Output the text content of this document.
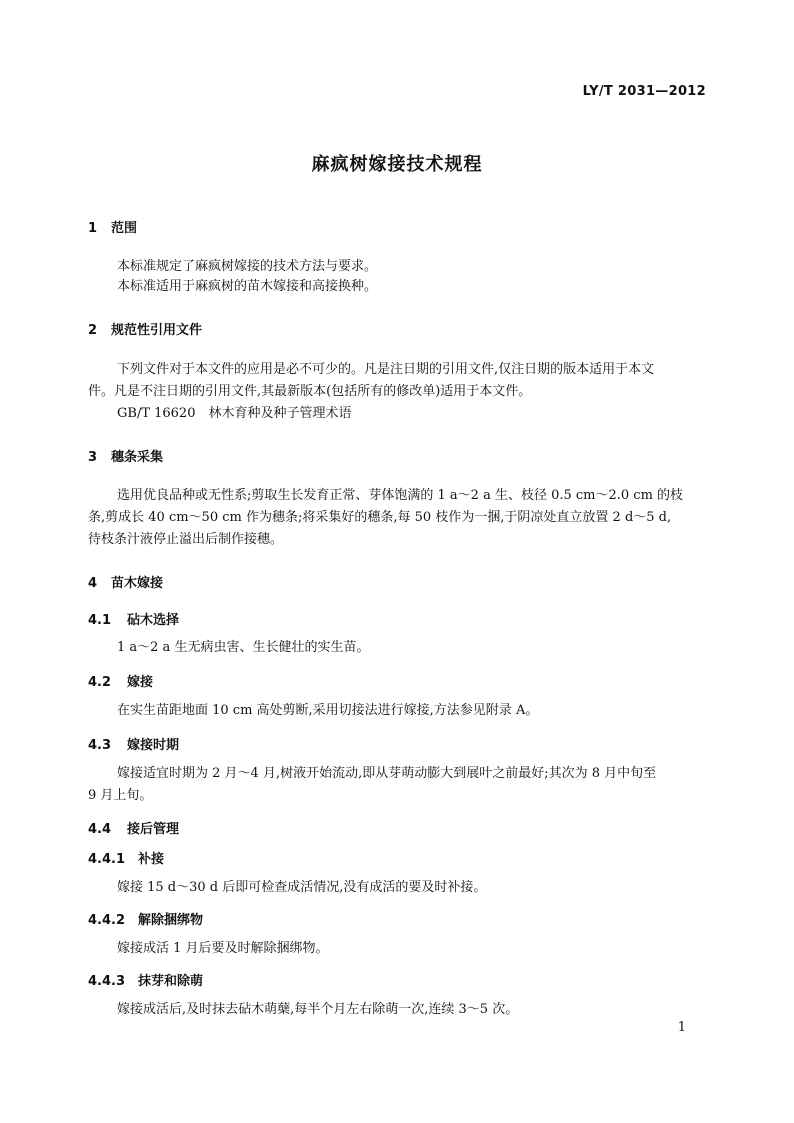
LY/T 2031—2012
麻疯树嫁接技术规程
1 范围
本标准规定了麻疯树嫁接的技术方法与要求。
本标准适用于麻疯树的苗木嫁接和高接换种。
2 规范性引用文件
下列文件对于本文件的应用是必不可少的。凡是注日期的引用文件,仅注日期的版本适用于本文
件。凡是不注日期的引用文件,其最新版本(包括所有的修改单)适用于本文件。
GB/T 16620　林木育种及种子管理术语
3 穗条采集
选用优良品种或无性系;剪取生长发育正常、芽体饱满的 1 a～2 a 生、枝径 0.5 cm～2.0 cm 的枝
条,剪成长 40 cm～50 cm 作为穗条;将采集好的穗条,每 50 枝作为一捆,于阴凉处直立放置 2 d～5 d,
待枝条汁液停止溢出后制作接穗。
4 苗木嫁接
4.1 砧木选择
1 a～2 a 生无病虫害、生长健壮的实生苗。
4.2 嫁接
在实生苗距地面 10 cm 高处剪断,采用切接法进行嫁接,方法参见附录 A。
4.3 嫁接时期
嫁接适宜时期为 2 月～4 月,树液开始流动,即从芽萌动膨大到展叶之前最好;其次为 8 月中旬至
9 月上旬。
4.4 接后管理
4.4.1 补接
嫁接 15 d～30 d 后即可检查成活情况,没有成活的要及时补接。
4.4.2 解除捆绑物
嫁接成活 1 月后要及时解除捆绑物。
4.4.3 抹芽和除萌
嫁接成活后,及时抹去砧木萌蘖,每半个月左右除萌一次,连续 3～5 次。
1
